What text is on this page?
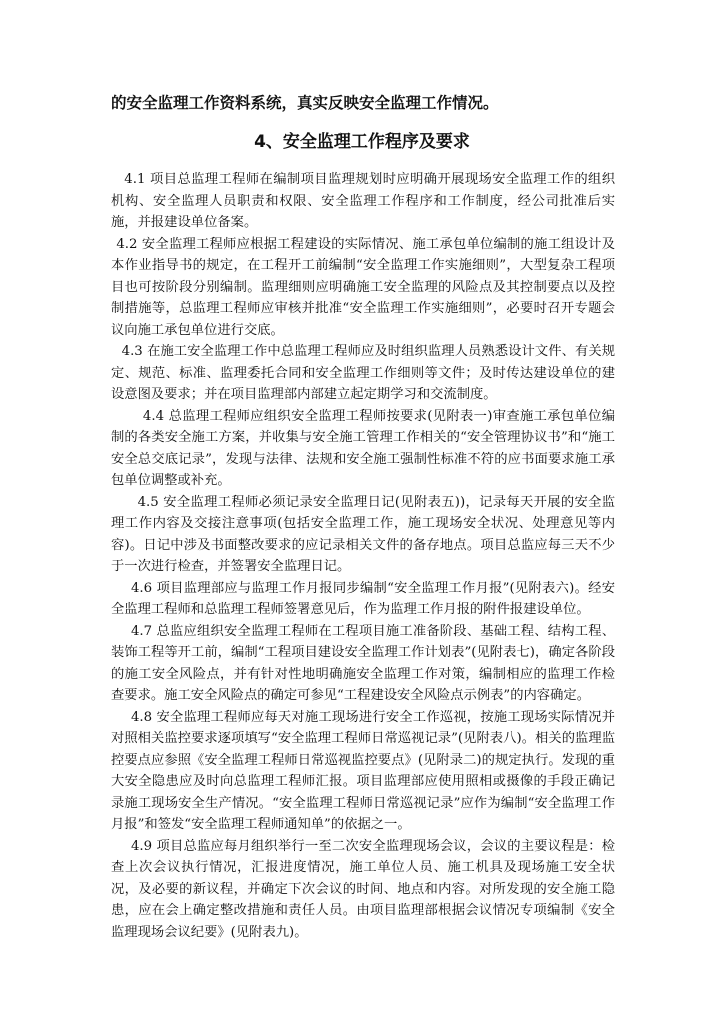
的安全监理工作资料系统，真实反映安全监理工作情况。
4、安全监理工作程序及要求

4.1 项目总监理工程师在编制项目监理规划时应明确开展现场安全监理工作的组织机构、安全监理人员职责和权限、安全监理工作程序和工作制度，经公司批准后实施，并报建设单位备案。

4.2 安全监理工程师应根据工程建设的实际情况、施工承包单位编制的施工组设计及本作业指导书的规定，在工程开工前编制“安全监理工作实施细则”，大型复杂工程项目也可按阶段分别编制。监理细则应明确施工安全监理的风险点及其控制要点以及控制措施等，总监理工程师应审核并批准“安全监理工作实施细则”，必要时召开专题会议向施工承包单位进行交底。

4.3 在施工安全监理工作中总监理工程师应及时组织监理人员熟悉设计文件、有关规定、规范、标准、监理委托合同和安全监理工作细则等文件；及时传达建设单位的建设意图及要求；并在项目监理部内部建立起定期学习和交流制度。

4.4 总监理工程师应组织安全监理工程师按要求(见附表一)审查施工承包单位编制的各类安全施工方案，并收集与安全施工管理工作相关的“安全管理协议书”和“施工安全总交底记录”，发现与法律、法规和安全施工强制性标准不符的应书面要求施工承包单位调整或补充。

4.5 安全监理工程师必须记录安全监理日记(见附表五))，记录每天开展的安全监理工作内容及交接注意事项(包括安全监理工作，施工现场安全状况、处理意见等内容)。日记中涉及书面整改要求的应记录相关文件的备存地点。项目总监应每三天不少于一次进行检查，并签署安全监理日记。

4.6 项目监理部应与监理工作月报同步编制“安全监理工作月报”(见附表六)。经安全监理工程师和总监理工程师签署意见后，作为监理工作月报的附件报建设单位。

4.7 总监应组织安全监理工程师在工程项目施工准备阶段、基础工程、结构工程、装饰工程等开工前，编制“工程项目建设安全监理工作计划表”(见附表七)，确定各阶段的施工安全风险点，并有针对性地明确施安全监理工作对策，编制相应的监理工作检查要求。施工安全风险点的确定可参见“工程建设安全风险点示例表”的内容确定。

4.8 安全监理工程师应每天对施工现场进行安全工作巡视，按施工现场实际情况并对照相关监控要求逐项填写“安全监理工程师日常巡视记录”(见附表八)。相关的监理监控要点应参照《安全监理工程师日常巡视监控要点》(见附录二)的规定执行。发现的重大安全隐患应及时向总监理工程师汇报。项目监理部应使用照相或摄像的手段正确记录施工现场安全生产情况。“安全监理工程师日常巡视记录”应作为编制“安全监理工作月报”和签发“安全监理工程师通知单”的依据之一。

4.9 项目总监应每月组织举行一至二次安全监理现场会议，会议的主要议程是：检查上次会议执行情况，汇报进度情况，施工单位人员、施工机具及现场施工安全状况，及必要的新议程，并确定下次会议的时间、地点和内容。对所发现的安全施工隐患，应在会上确定整改措施和责任人员。由项目监理部根据会议情况专项编制《安全监理现场会议纪要》(见附表九)。
